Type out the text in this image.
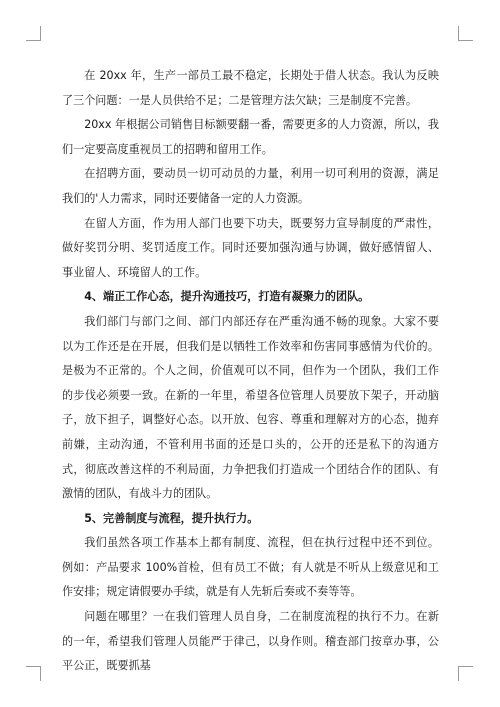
在 20xx 年，生产一部员工最不稳定，长期处于借人状态。我认为反映了三个问题：一是人员供给不足；二是管理方法欠缺；三是制度不完善。

20xx 年根据公司销售目标额要翻一番，需要更多的人力资源，所以，我们一定要高度重视员工的招聘和留用工作。

在招聘方面，要动员一切可动员的力量，利用一切可利用的资源，满足我们的'人力需求，同时还要储备一定的人力资源。

在留人方面，作为用人部门也要下功夫，既要努力宣导制度的严肃性，做好奖罚分明、奖罚适度工作。同时还要加强沟通与协调，做好感情留人、事业留人、环境留人的工作。

4、端正工作心态，提升沟通技巧，打造有凝聚力的团队。

我们部门与部门之间、部门内部还存在严重沟通不畅的现象。大家不要以为工作还是在开展，但我们是以牺牲工作效率和伤害同事感情为代价的。是极为不正常的。个人之间，价值观可以不同，但作为一个团队，我们工作的步伐必须要一致。在新的一年里，希望各位管理人员要放下架子，开动脑子，放下担子，调整好心态。以开放、包容、尊重和理解对方的心态，抛弃前嫌，主动沟通，不管利用书面的还是口头的，公开的还是私下的沟通方式，彻底改善这样的不利局面，力争把我们打造成一个团结合作的团队、有激情的团队，有战斗力的团队。

5、完善制度与流程，提升执行力。

我们虽然各项工作基本上都有制度、流程，但在执行过程中还不到位。例如：产品要求 100%首检，但有员工不做；有人就是不听从上级意见和工作安排；规定请假要办手续，就是有人先斩后奏或不奏等等。

问题在哪里？一在我们管理人员自身，二在制度流程的执行不力。在新的一年，希望我们管理人员能严于律己，以身作则。稽查部门按章办事，公平公正，既要抓基
